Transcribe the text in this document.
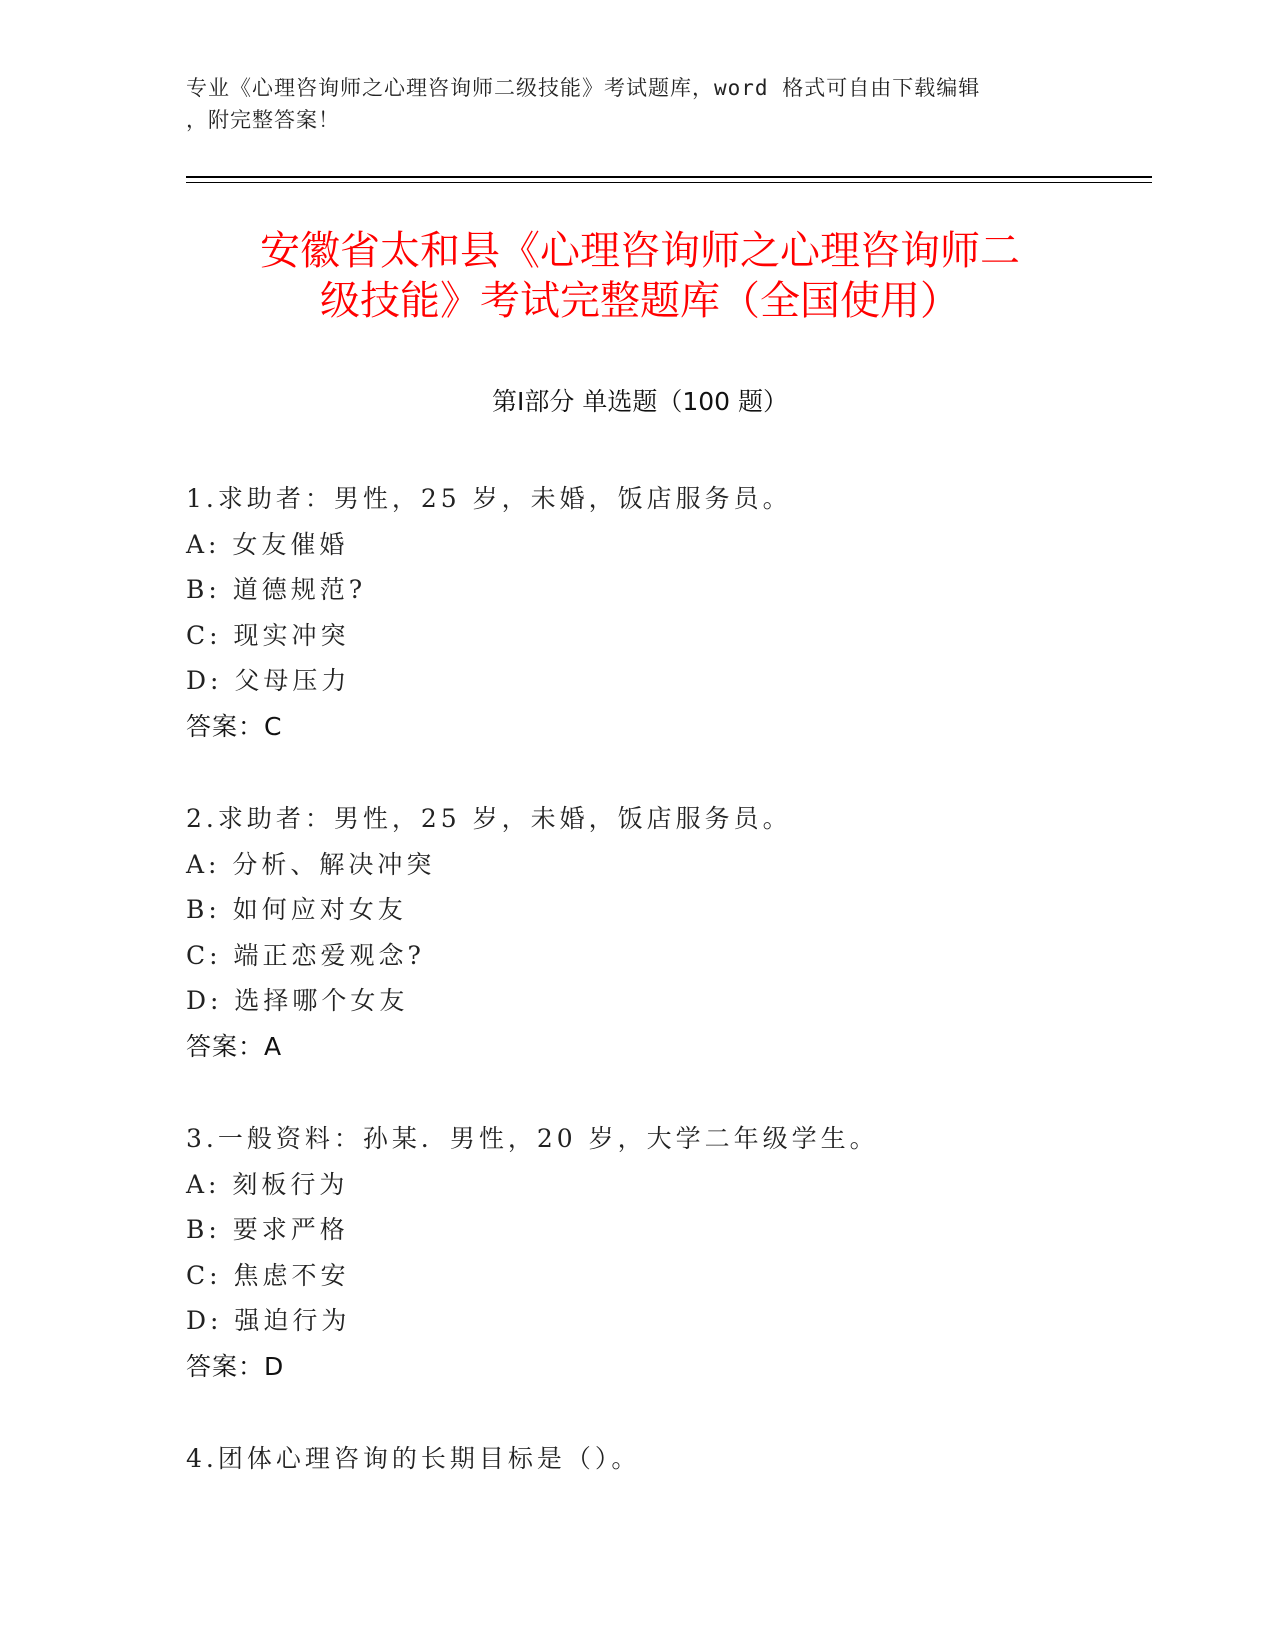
专业《心理咨询师之心理咨询师二级技能》考试题库，word 格式可自由下载编辑
，附完整答案！
安徽省太和县《心理咨询师之心理咨询师二
级技能》考试完整题库（全国使用）
第Ⅰ部分 单选题（100 题）
1.求助者：男性，25 岁，未婚，饭店服务员。
A: 女友催婚
B: 道德规范?
C: 现实冲突
D: 父母压力
答案：C
2.求助者：男性，25 岁，未婚，饭店服务员。
A: 分析、解决冲突
B: 如何应对女友
C: 端正恋爱观念?
D: 选择哪个女友
答案：A
3.一般资料：孙某．男性，20 岁，大学二年级学生。
A: 刻板行为
B: 要求严格
C: 焦虑不安
D: 强迫行为
答案：D
4.团体心理咨询的长期目标是（）。
